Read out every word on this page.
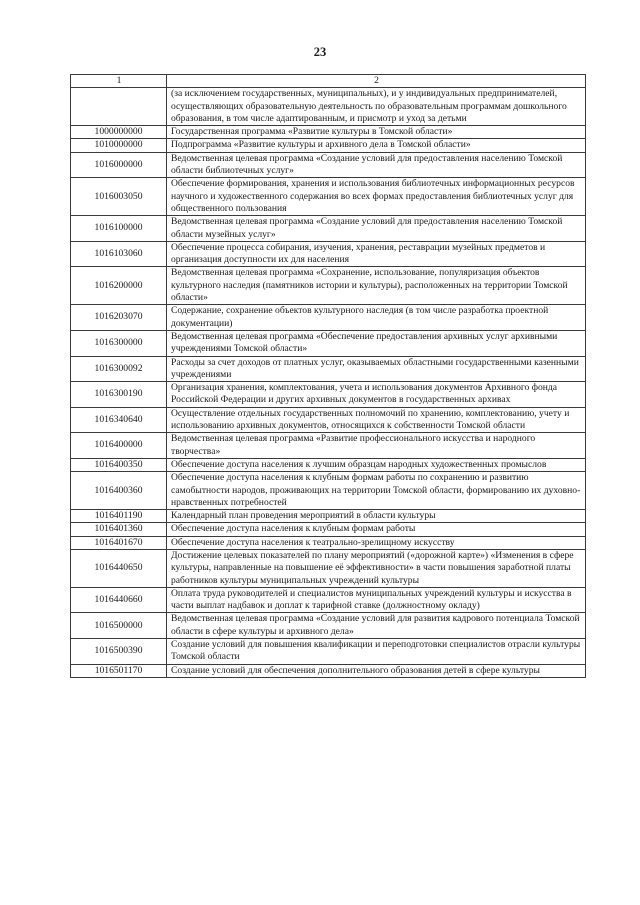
23
1	2
	(за исключением государственных, муниципальных), и у индивидуальных предпринимателей, осуществляющих образовательную деятельность по образовательным программам дошкольного образования, в том числе адаптированным, и присмотр и уход за детьми
1000000000	Государственная программа «Развитие культуры в Томской области»
1010000000	Подпрограмма «Развитие культуры и архивного дела в Томской области»
1016000000	Ведомственная целевая программа «Создание условий для предоставления населению Томской области библиотечных услуг»
1016003050	Обеспечение формирования, хранения и использования библиотечных информационных ресурсов научного и художественного содержания во всех формах предоставления библиотечных услуг для общественного пользования
1016100000	Ведомственная целевая программа «Создание условий для предоставления населению Томской области музейных услуг»
1016103060	Обеспечение процесса собирания, изучения, хранения, реставрации музейных предметов и организация доступности их для населения
1016200000	Ведомственная целевая программа «Сохранение, использование, популяризация объектов культурного наследия (памятников истории и культуры), расположенных на территории Томской области»
1016203070	Содержание, сохранение объектов культурного наследия (в том числе разработка проектной документации)
1016300000	Ведомственная целевая программа «Обеспечение предоставления архивных услуг архивными учреждениями Томской области»
1016300092	Расходы за счет доходов от платных услуг, оказываемых областными государственными казенными учреждениями
1016300190	Организация хранения, комплектования, учета и использования документов Архивного фонда Российской Федерации и других архивных документов в государственных архивах
1016340640	Осуществление отдельных государственных полномочий по хранению, комплектованию, учету и использованию архивных документов, относящихся к собственности Томской области
1016400000	Ведомственная целевая программа «Развитие профессионального искусства и народного творчества»
1016400350	Обеспечение доступа населения к лучшим образцам народных художественных промыслов
1016400360	Обеспечение доступа населения к клубным формам работы по сохранению и развитию самобытности народов, проживающих на территории Томской области, формированию их духовно-нравственных потребностей
1016401190	Календарный план проведения мероприятий в области культуры
1016401360	Обеспечение доступа населения к клубным формам работы
1016401670	Обеспечение доступа населения к театрально-зрелищному искусству
1016440650	Достижение целевых показателей по плану мероприятий («дорожной карте») «Изменения в сфере культуры, направленные на повышение её эффективности» в части повышения заработной платы работников культуры муниципальных учреждений культуры
1016440660	Оплата труда руководителей и специалистов муниципальных учреждений культуры и искусства в части выплат надбавок и доплат к тарифной ставке (должностному окладу)
1016500000	Ведомственная целевая программа «Создание условий для развития кадрового потенциала Томской области в сфере культуры и архивного дела»
1016500390	Создание условий для повышения квалификации и переподготовки специалистов отрасли культуры Томской области
1016501170	Создание условий для обеспечения дополнительного образования детей в сфере культуры
